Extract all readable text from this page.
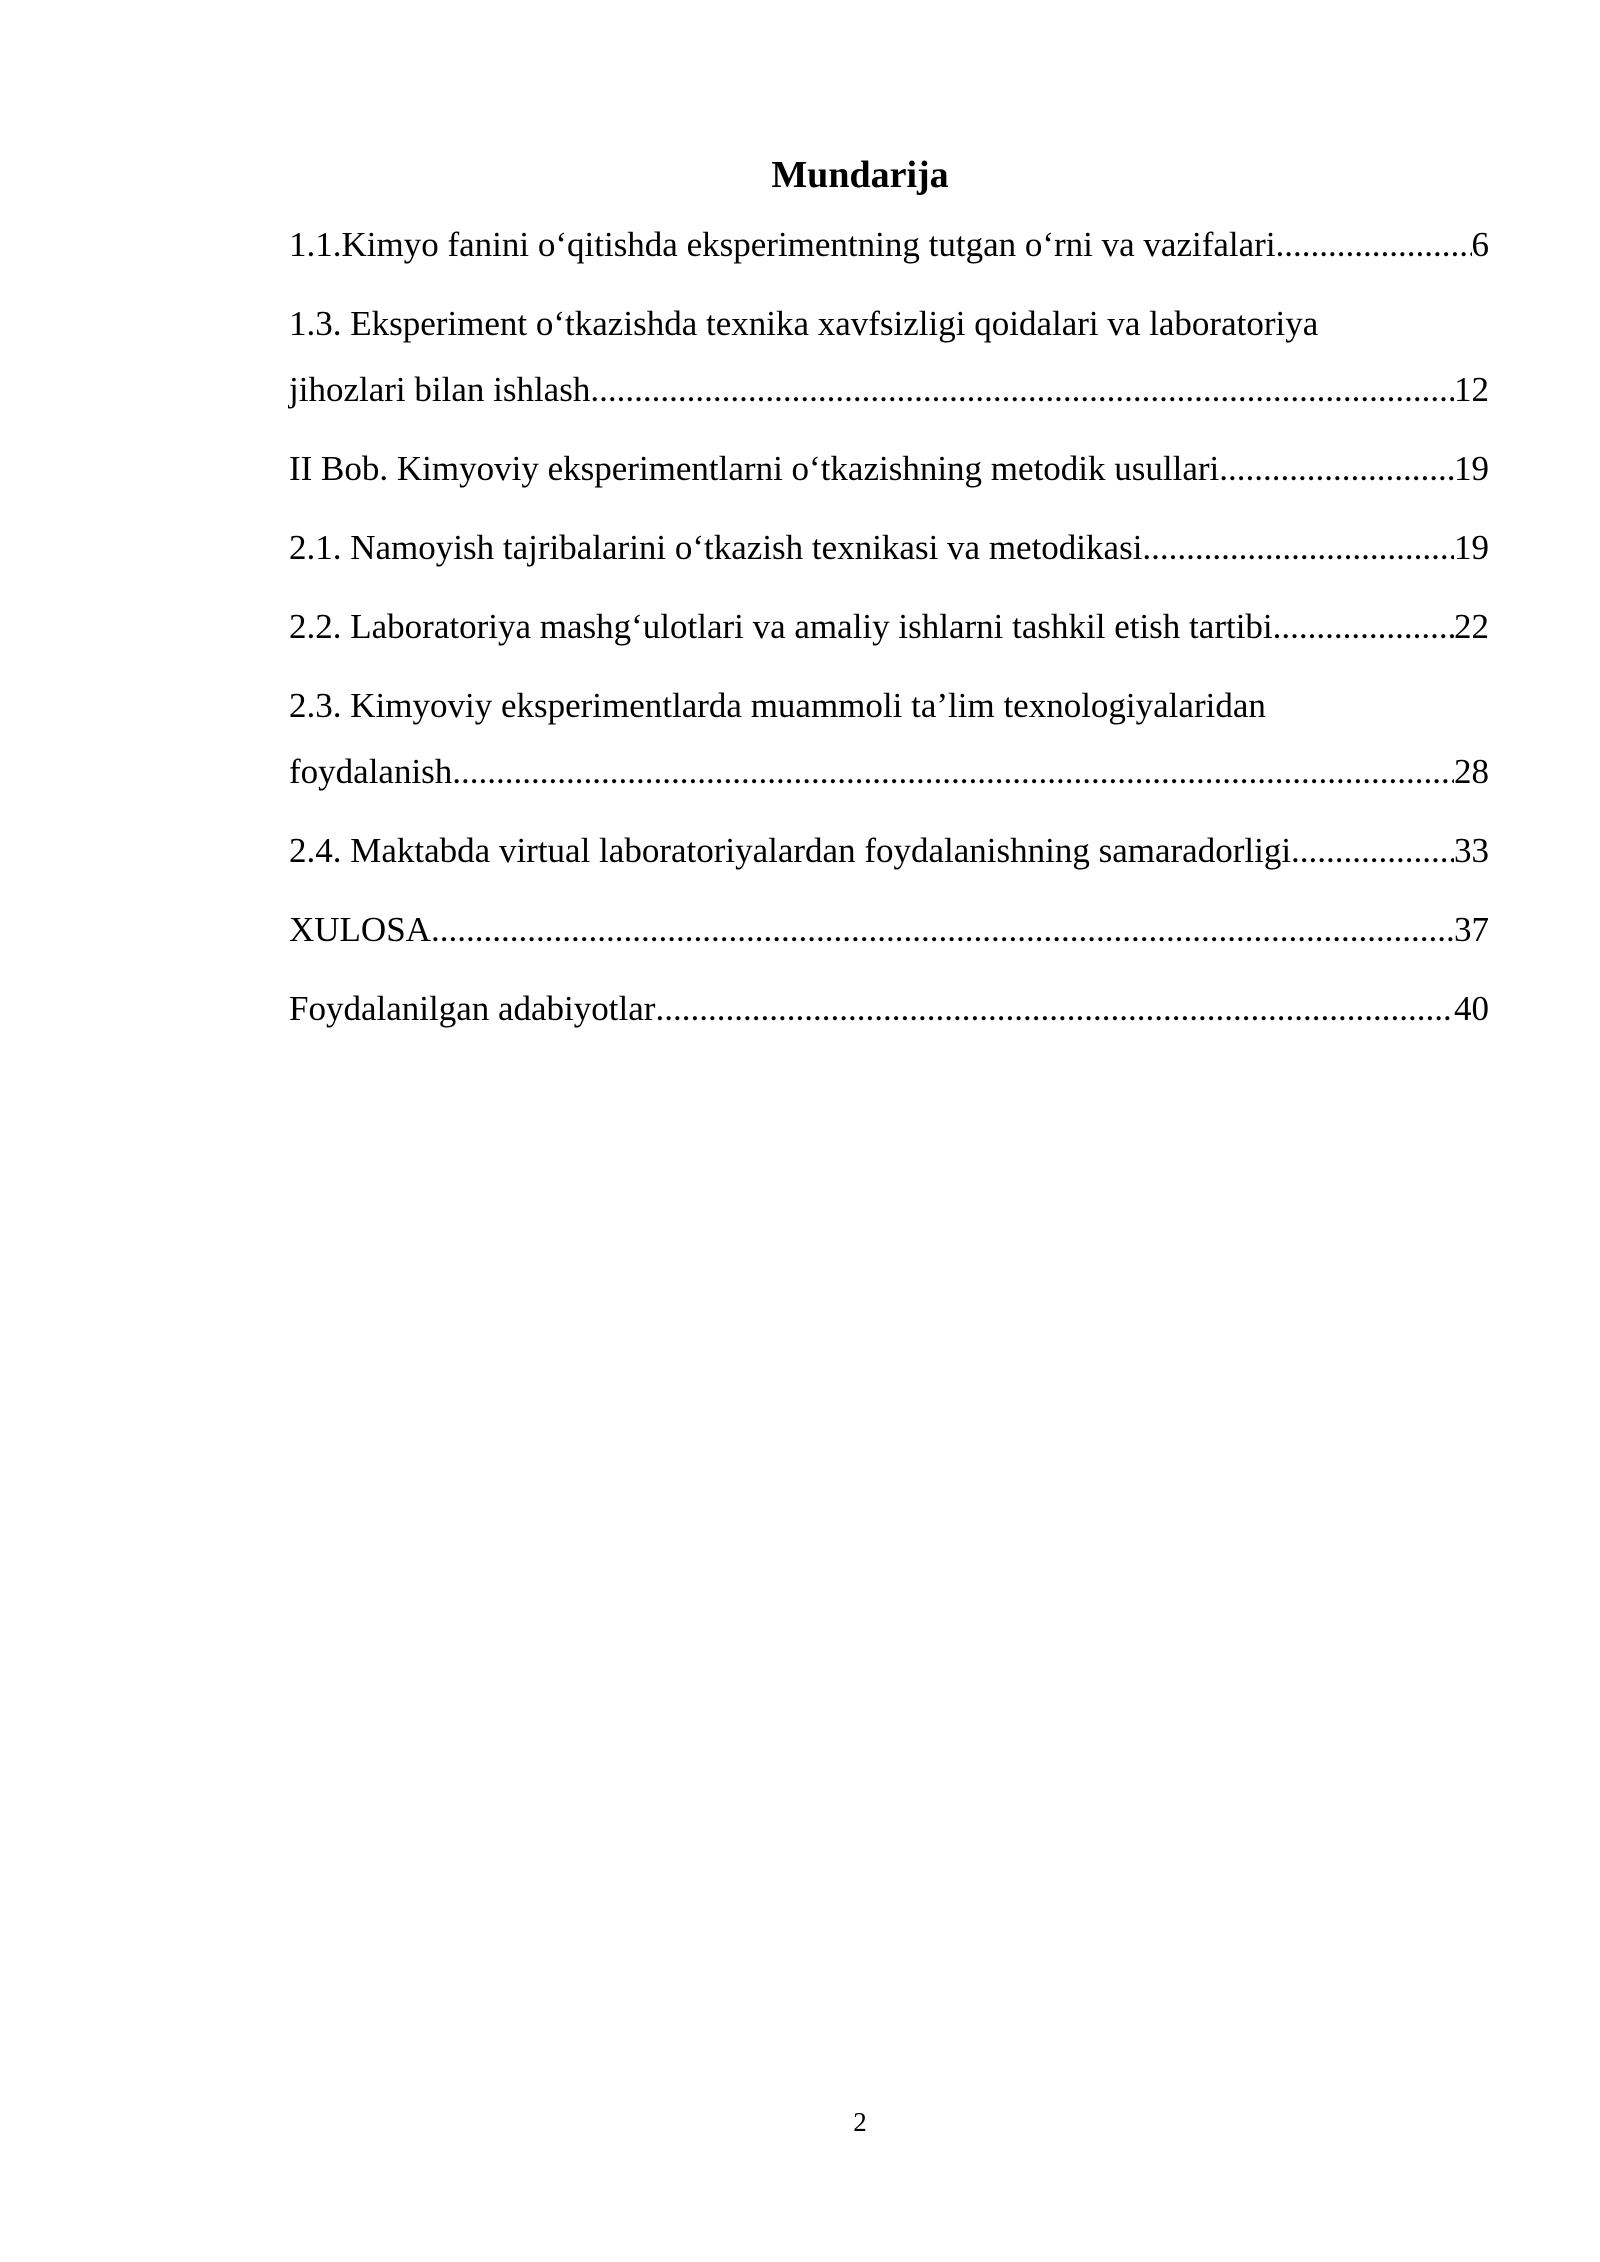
Mundarija
1.1.Kimyo fanini o‘qitishda eksperimentning tutgan o‘rni va vazifalari .....	6
1.3. Eksperiment o‘tkazishda texnika xavfsizligi qoidalari va laboratoriya
jihozlari bilan ishlash .....	12
II Bob. Kimyoviy eksperimentlarni o‘tkazishning metodik usullari .....	19
2.1. Namoyish tajribalarini o‘tkazish texnikasi va metodikasi .....	19
2.2. Laboratoriya mashg‘ulotlari va amaliy ishlarni tashkil etish tartibi .....	22
2.3. Kimyoviy eksperimentlarda muammoli ta’lim texnologiyalaridan
foydalanish .....	28
2.4. Maktabda virtual laboratoriyalardan foydalanishning samaradorligi .....	33
XULOSA .....	37
Foydalanilgan adabiyotlar .....	40
2
